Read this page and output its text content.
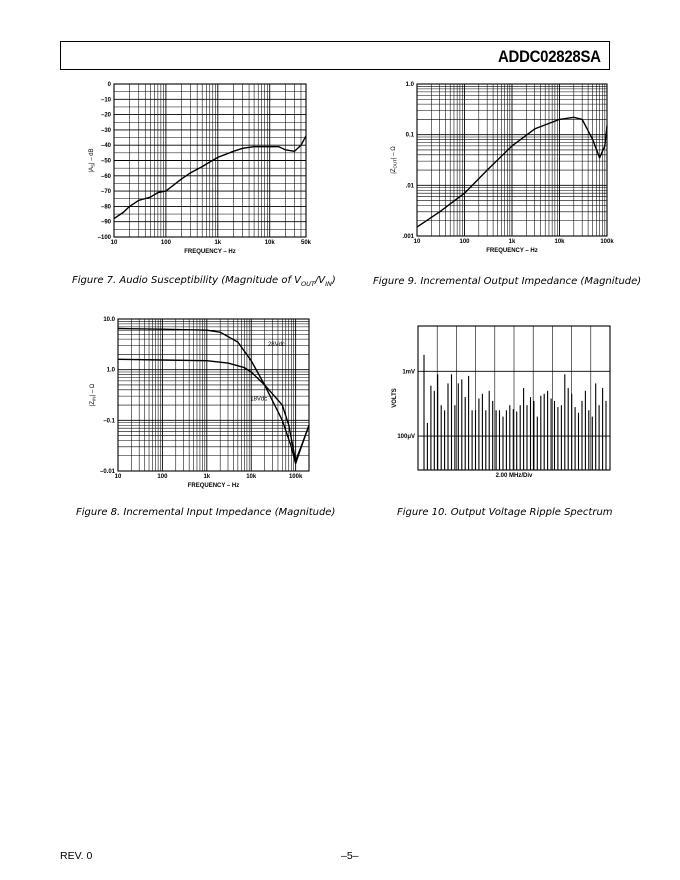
ADDC02828SA
0
–10
–20
–30
–40
–50
–60
–70
–80
–90
–100
10	100	1k	10k	50k
FREQUENCY – Hz
$|A_S|$ – dB
1.0
0.1
.01
.001
10	100	1k	10k	100k
FREQUENCY – Hz
$|Z_{OUT}|$ – Ω
10.0
1.0
–0.1
–0.01
10	100	1k	10k	100k
FREQUENCY – Hz
$|Z_{IN}|$ – Ω
28Vdc
18Vdc
1mV
100μV
VOLTS
2.00 MHz/Div
Figure 7. Audio Susceptibility (Magnitude of $V_{OUT}/V_{IN}$)	Figure 9. Incremental Output Impedance (Magnitude)
Figure 8. Incremental Input Impedance (Magnitude)	Figure 10. Output Voltage Ripple Spectrum
REV. 0	–5–
